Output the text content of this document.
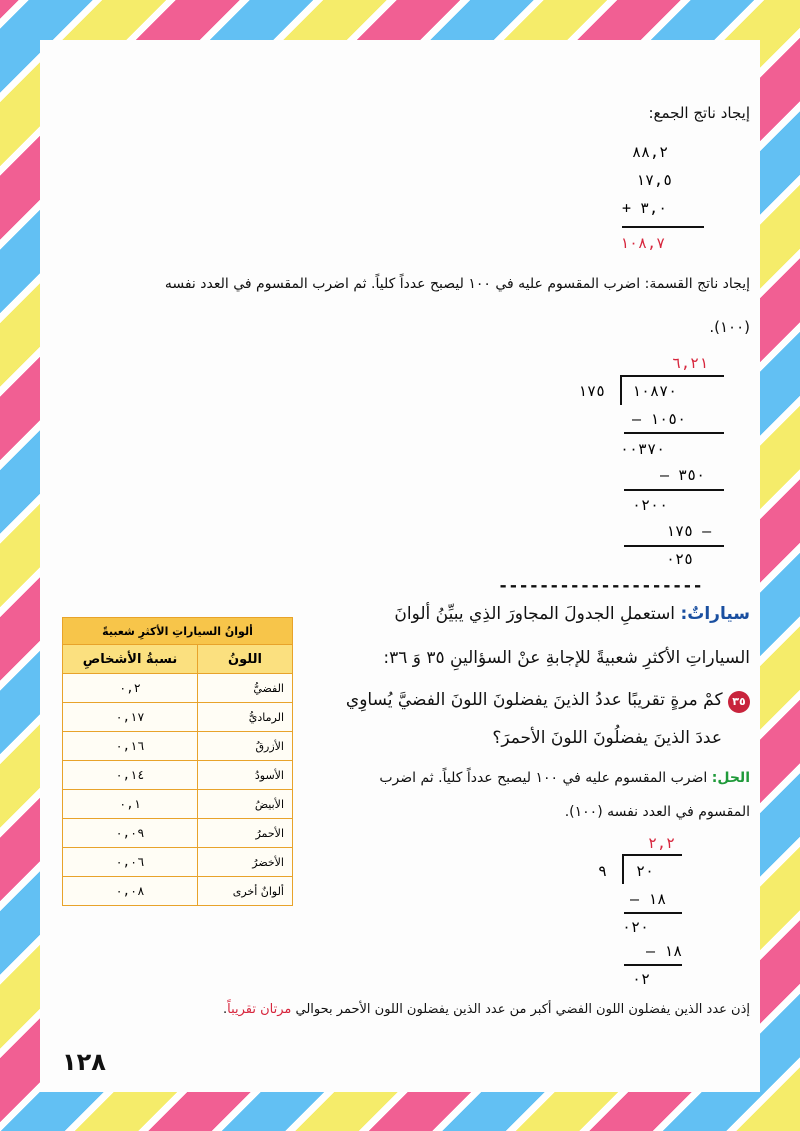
إيجاد ناتج الجمع:
٨٨,٢
١٧,٥
+ ٣,٠
١٠٨,٧
إيجاد ناتج القسمة: اضرب المقسوم عليه في ١٠٠ ليصبح عدداً كلياً. ثم اضرب المقسوم في العدد نفسه
(١٠٠).
٦,٢١
١٧٥ ١٠٨٧٠
– ١٠٥٠
٠٠٣٧٠
– ٣٥٠
٠٢٠٠
١٧٥ –
٠٢٥
--------------------
ألوانُ السياراتِ الأكثرِ شعبيةً	
اللونُ	نسبةُ الأشخاصِ
الفضيُّ	٠,٢
الرماديُّ	٠,١٧
الأزرقُ	٠,١٦
الأسودُ	٠,١٤
الأبيضُ	٠,١
الأحمرُ	٠,٠٩
الأخضرُ	٠,٠٦
ألوانٌ أخرى	٠,٠٨
سياراتٌ: استعملِ الجدولَ المجاورَ الذِي يبيِّنُ ألوانَ
السياراتِ الأكثرِ شعبيةً للإجابةِ عنْ السؤالينِ ٣٥ وَ ٣٦:
٣٥ كمْ مرةٍ تقريبًا عددُ الذينَ يفضلونَ اللونَ الفضيَّ يُساوِي
عددَ الذينَ يفضلُونَ اللونَ الأحمرَ؟
الحل: اضرب المقسوم عليه في ١٠٠ ليصبح عدداً كلياً. ثم اضرب
المقسوم في العدد نفسه (١٠٠).
٢,٢
٩ ٢٠
– ١٨
٠٢٠
– ١٨
٠٢
إذن عدد الذين يفضلون اللون الفضي أكبر من عدد الذين يفضلون اللون الأحمر بحوالي مرتان تقريباً.
١٢٨
